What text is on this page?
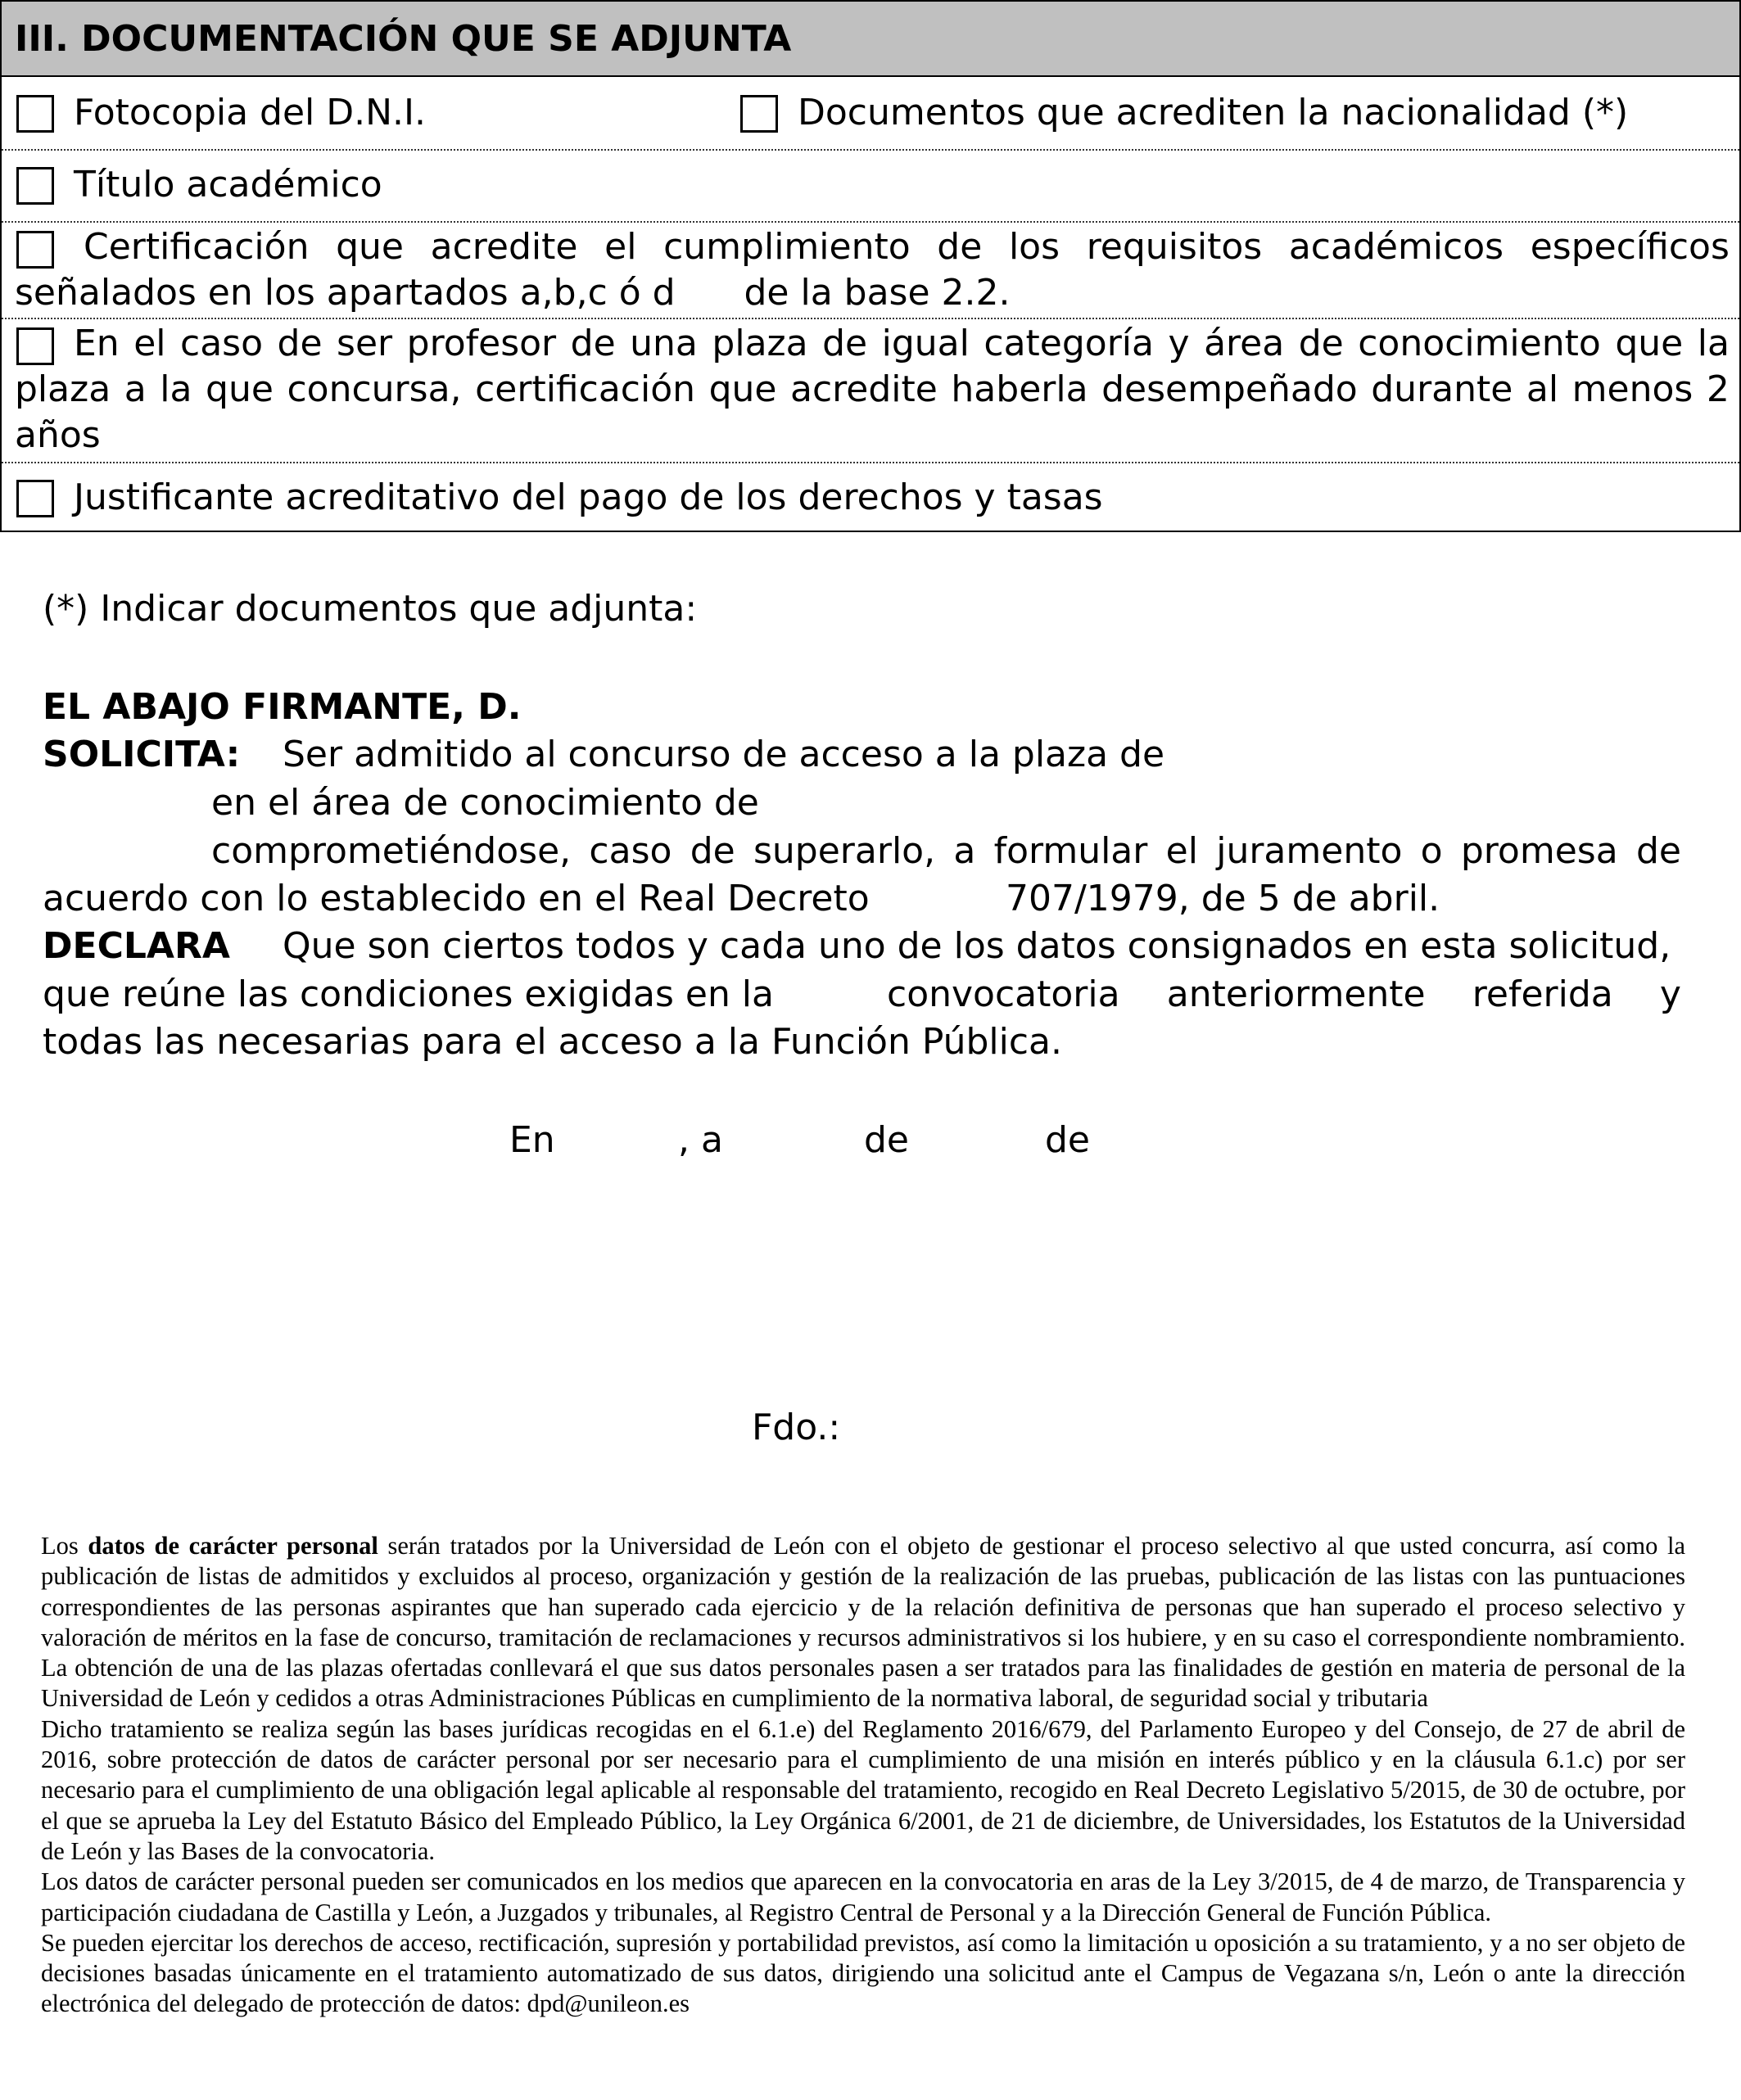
III. DOCUMENTACIÓN QUE SE ADJUNTA
Fotocopia del D.N.I.	Documentos que acrediten la nacionalidad (*)
Título académico
Certificación que acredite el cumplimiento de los requisitos académicos específicos
señalados en los apartados a,b,c ó d      de la base 2.2.
En el caso de ser profesor de una plaza de igual categoría y área de conocimiento que la
plaza a la que concursa, certificación que acredite haberla desempeñado durante al menos 2
años
Justificante acreditativo del pago de los derechos y tasas
(*) Indicar documentos que adjunta:
EL ABAJO FIRMANTE, D.
SOLICITA: Ser admitido al concurso de acceso a la plaza de
en el área de conocimiento de
comprometiéndose, caso de superarlo, a formular el juramento o promesa de
acuerdo con lo establecido en el Real Decreto	707/1979, de 5 de abril.
DECLARA Que son ciertos todos y cada uno de los datos consignados en esta solicitud,
que reúne las condiciones exigidas en la	convocatoria anteriormente referida y
todas las necesarias para el acceso a la Función Pública.
En	, a	de	de
Fdo.:

Los datos de carácter personal serán tratados por la Universidad de León con el objeto de gestionar el proceso selectivo al que usted concurra, así como la publicación de listas de admitidos y excluidos al proceso, organización y gestión de la realización de las pruebas, publicación de las listas con las puntuaciones correspondientes de las personas aspirantes que han superado cada ejercicio y de la relación definitiva de personas que han superado el proceso selectivo y valoración de méritos en la fase de concurso, tramitación de reclamaciones y recursos administrativos si los hubiere, y en su caso el correspondiente nombramiento. La obtención de una de las plazas ofertadas conllevará el que sus datos personales pasen a ser tratados para las finalidades de gestión en materia de personal de la Universidad de León y cedidos a otras Administraciones Públicas en cumplimiento de la normativa laboral, de seguridad social y tributaria

Dicho tratamiento se realiza según las bases jurídicas recogidas en el 6.1.e) del Reglamento 2016/679, del Parlamento Europeo y del Consejo, de 27 de abril de 2016, sobre protección de datos de carácter personal por ser necesario para el cumplimiento de una misión en interés público y en la cláusula 6.1.c) por ser necesario para el cumplimiento de una obligación legal aplicable al responsable del tratamiento, recogido en Real Decreto Legislativo 5/2015, de 30 de octubre, por el que se aprueba la Ley del Estatuto Básico del Empleado Público, la Ley Orgánica 6/2001, de 21 de diciembre, de Universidades, los Estatutos de la Universidad de León y las Bases de la convocatoria.

Los datos de carácter personal pueden ser comunicados en los medios que aparecen en la convocatoria en aras de la Ley 3/2015, de 4 de marzo, de Transparencia y participación ciudadana de Castilla y León, a Juzgados y tribunales, al Registro Central de Personal y a la Dirección General de Función Pública.

Se pueden ejercitar los derechos de acceso, rectificación, supresión y portabilidad previstos, así como la limitación u oposición a su tratamiento, y a no ser objeto de decisiones basadas únicamente en el tratamiento automatizado de sus datos, dirigiendo una solicitud ante el Campus de Vegazana s/n, León o ante la dirección electrónica del delegado de protección de datos: dpd@unileon.es
